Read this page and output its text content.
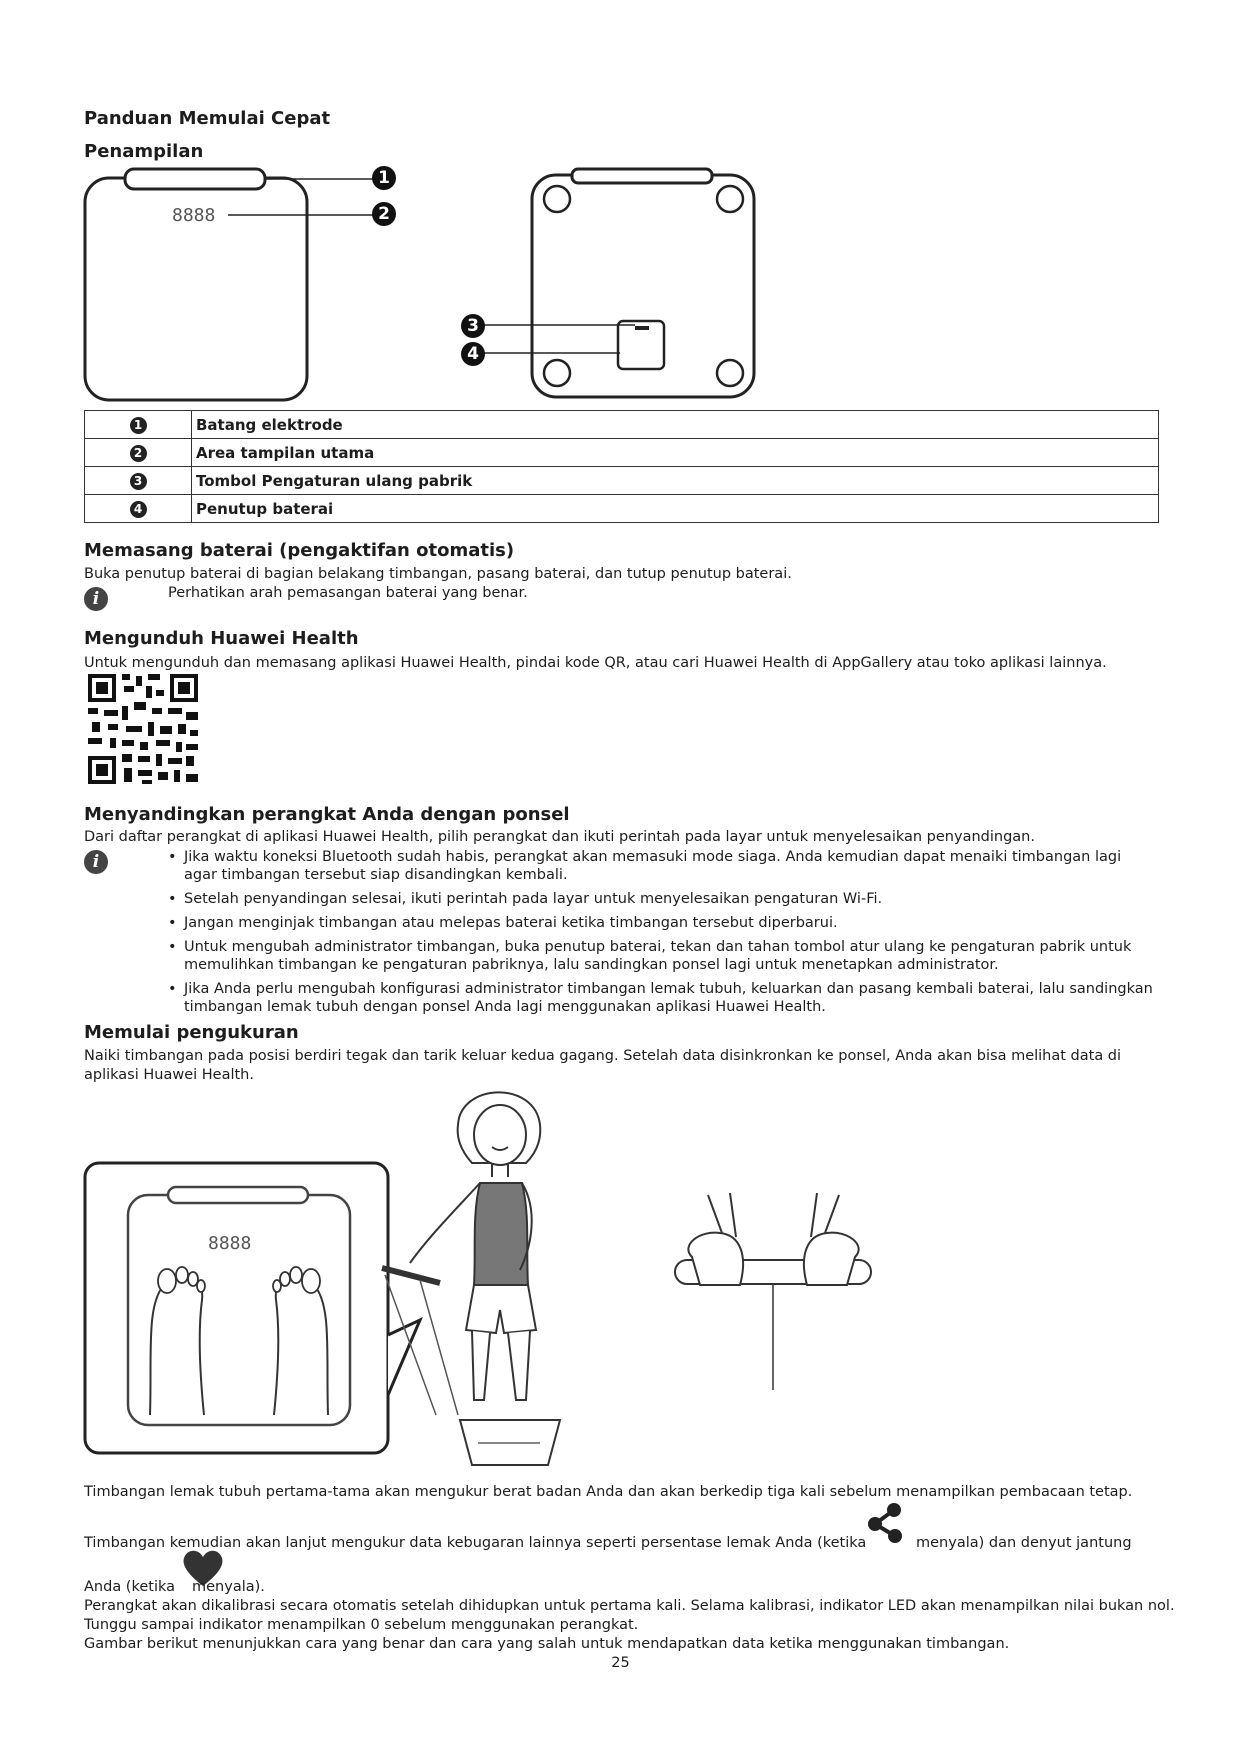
Panduan Memulai Cepat
Penampilan
8888
1
2
3
4
1	Batang elektrode
2	Area tampilan utama
3	Tombol Pengaturan ulang pabrik
4	Penutup baterai
Memasang baterai (pengaktifan otomatis)
Buka penutup baterai di bagian belakang timbangan, pasang baterai, dan tutup penutup baterai.
i	Perhatikan arah pemasangan baterai yang benar.
Mengunduh Huawei Health
Untuk mengunduh dan memasang aplikasi Huawei Health, pindai kode QR, atau cari Huawei Health di AppGallery atau toko aplikasi lainnya.
Menyandingkan perangkat Anda dengan ponsel
Dari daftar perangkat di aplikasi Huawei Health, pilih perangkat dan ikuti perintah pada layar untuk menyelesaikan penyandingan.
i	• Jika waktu koneksi Bluetooth sudah habis, perangkat akan memasuki mode siaga. Anda kemudian dapat menaiki timbangan lagi agar timbangan tersebut siap disandingkan kembali.
• Setelah penyandingan selesai, ikuti perintah pada layar untuk menyelesaikan pengaturan Wi-Fi.
• Jangan menginjak timbangan atau melepas baterai ketika timbangan tersebut diperbarui.
• Untuk mengubah administrator timbangan, buka penutup baterai, tekan dan tahan tombol atur ulang ke pengaturan pabrik untuk memulihkan timbangan ke pengaturan pabriknya, lalu sandingkan ponsel lagi untuk menetapkan administrator.
• Jika Anda perlu mengubah konfigurasi administrator timbangan lemak tubuh, keluarkan dan pasang kembali baterai, lalu sandingkan timbangan lemak tubuh dengan ponsel Anda lagi menggunakan aplikasi Huawei Health.
Memulai pengukuran
Naiki timbangan pada posisi berdiri tegak dan tarik keluar kedua gagang. Setelah data disinkronkan ke ponsel, Anda akan bisa melihat data di aplikasi Huawei Health.
8888
Timbangan lemak tubuh pertama-tama akan mengukur berat badan Anda dan akan berkedip tiga kali sebelum menampilkan pembacaan tetap.
Timbangan kemudian akan lanjut mengukur data kebugaran lainnya seperti persentase lemak Anda (ketika	menyala) dan denyut jantung
Anda (ketika menyala).
Perangkat akan dikalibrasi secara otomatis setelah dihidupkan untuk pertama kali. Selama kalibrasi, indikator LED akan menampilkan nilai bukan nol.
Tunggu sampai indikator menampilkan 0 sebelum menggunakan perangkat.
Gambar berikut menunjukkan cara yang benar dan cara yang salah untuk mendapatkan data ketika menggunakan timbangan.
25
